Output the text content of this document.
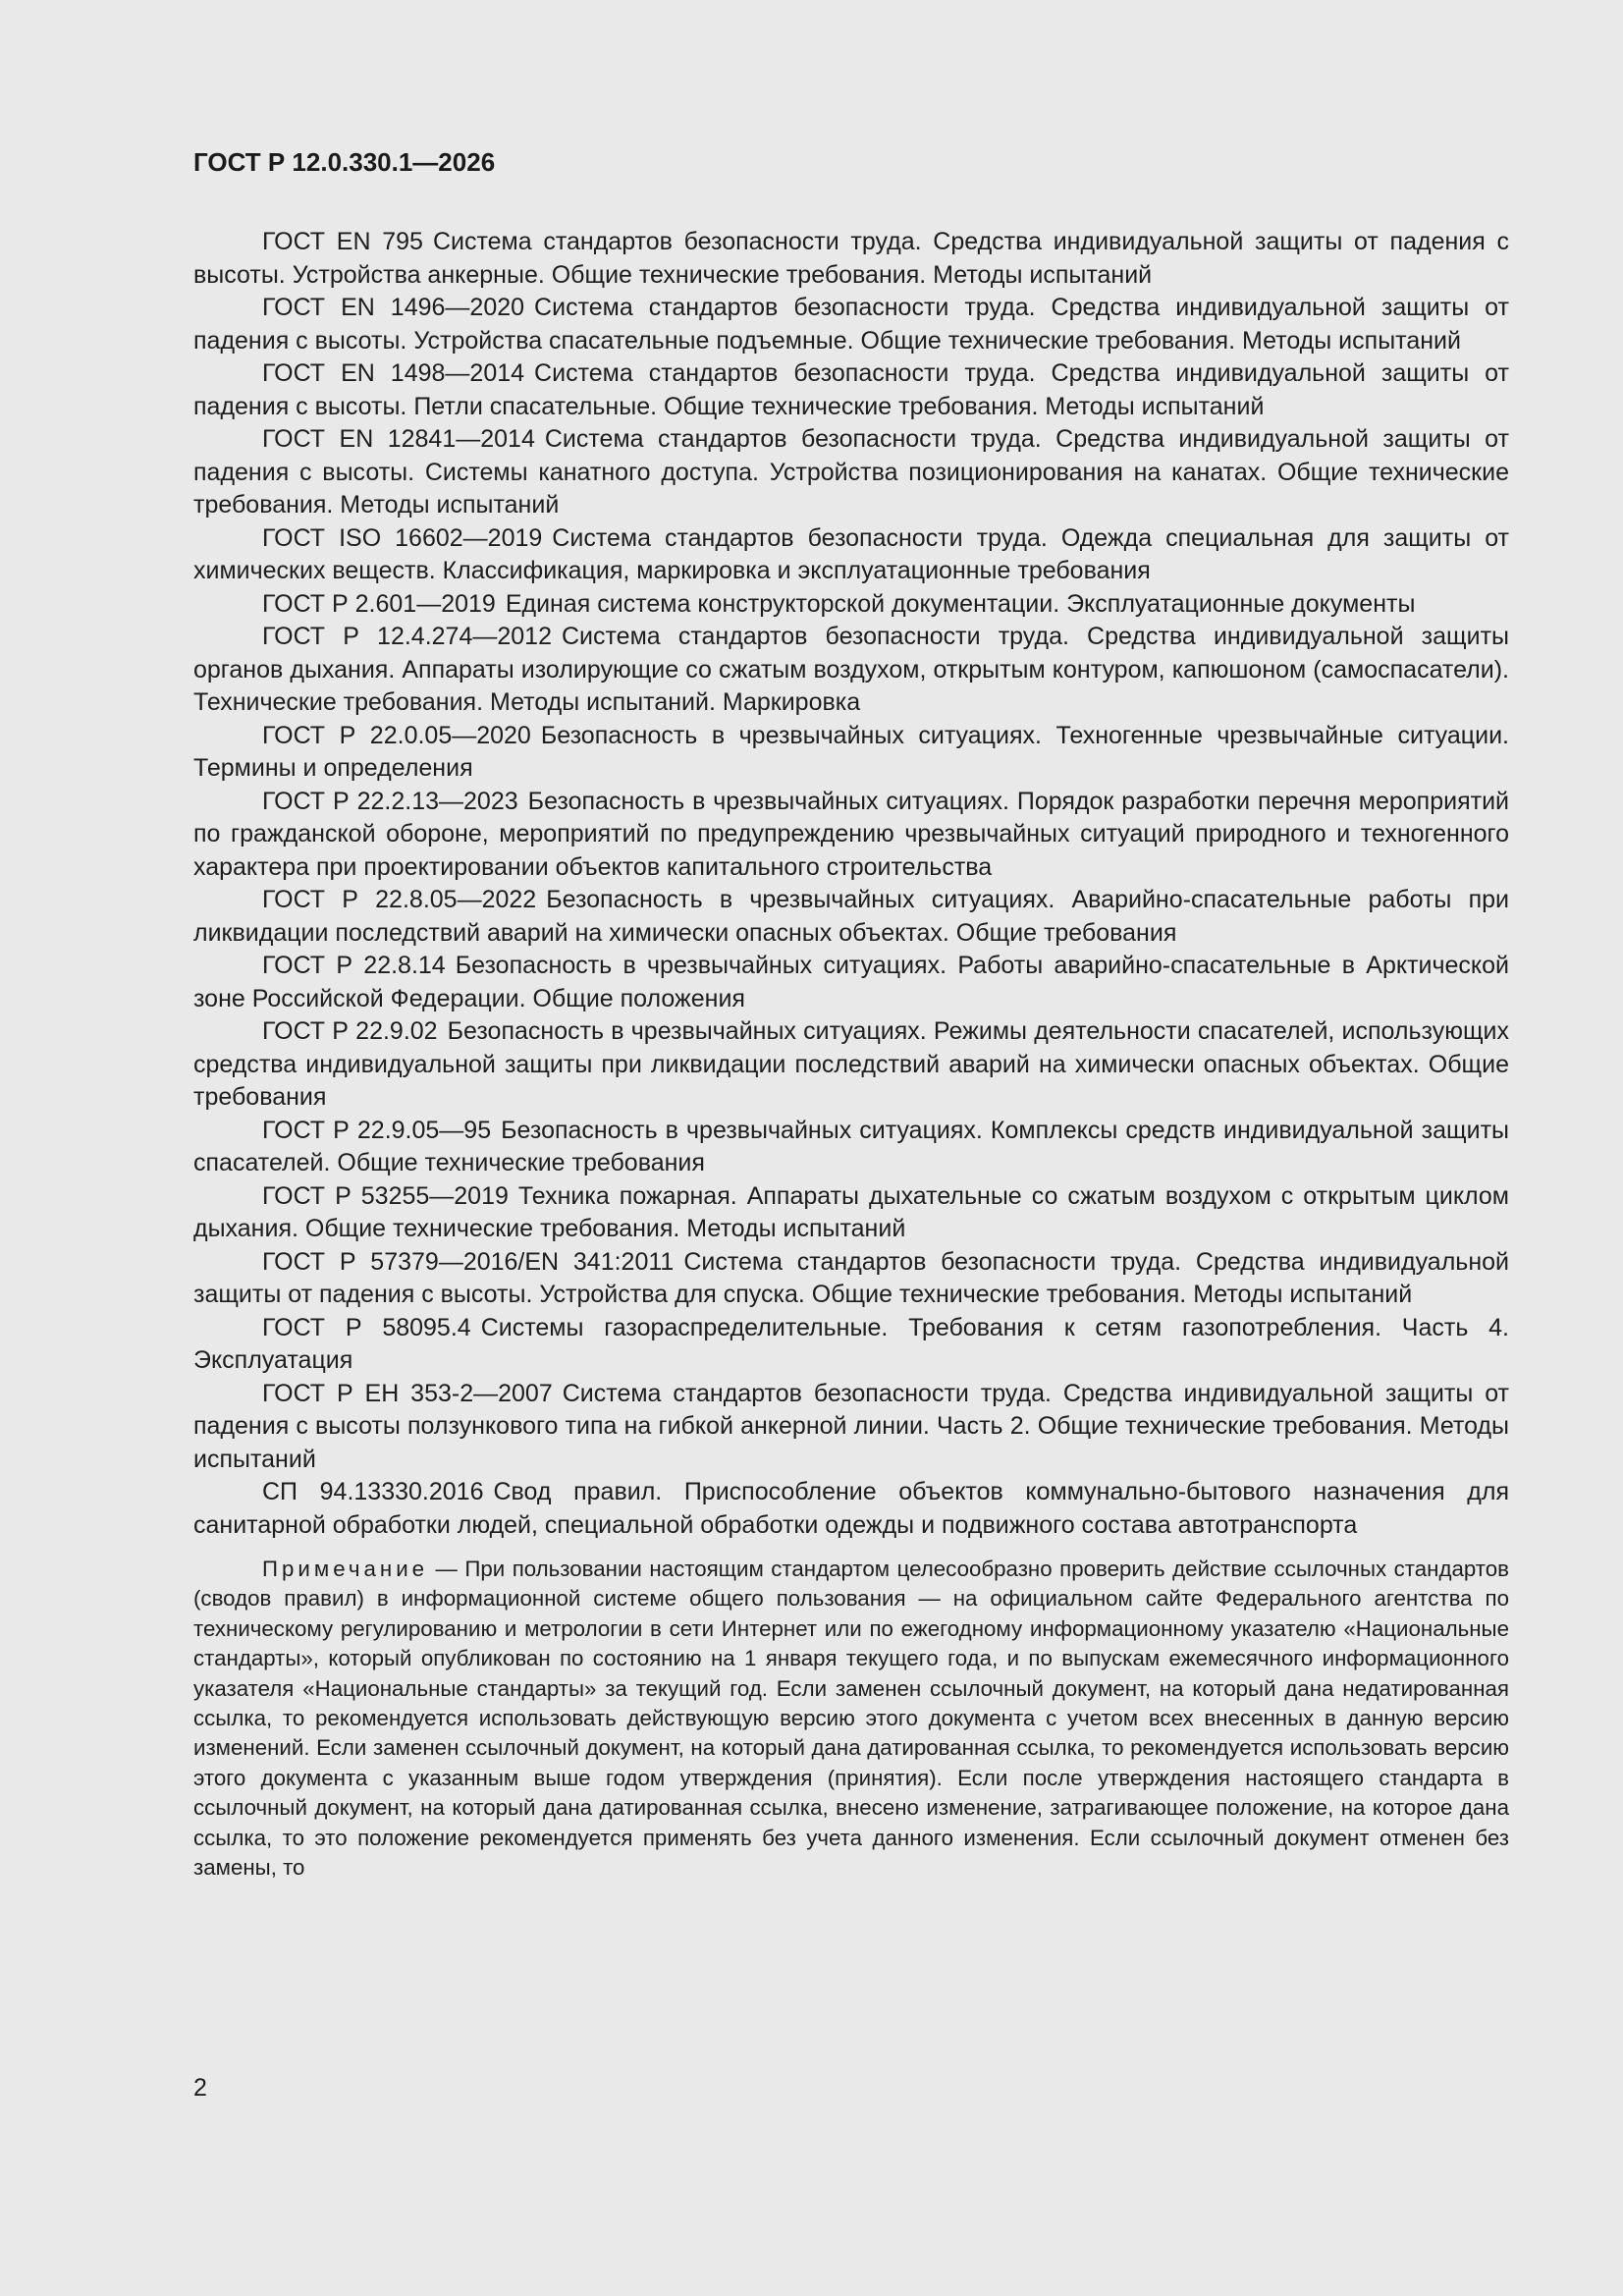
ГОСТ Р 12.0.330.1—2026

ГОСТ EN 795 Система стандартов безопасности труда. Средства индивидуальной защиты от падения с высоты. Устройства анкерные. Общие технические требования. Методы испытаний

ГОСТ EN 1496—2020 Система стандартов безопасности труда. Средства индивидуальной защиты от падения с высоты. Устройства спасательные подъемные. Общие технические требования. Методы испытаний

ГОСТ EN 1498—2014 Система стандартов безопасности труда. Средства индивидуальной защиты от падения с высоты. Петли спасательные. Общие технические требования. Методы испытаний

ГОСТ EN 12841—2014 Система стандартов безопасности труда. Средства индивидуальной защиты от падения с высоты. Системы канатного доступа. Устройства позиционирования на канатах. Общие технические требования. Методы испытаний

ГОСТ ISO 16602—2019 Система стандартов безопасности труда. Одежда специальная для защиты от химических веществ. Классификация, маркировка и эксплуатационные требования

ГОСТ Р 2.601—2019 Единая система конструкторской документации. Эксплуатационные документы

ГОСТ Р 12.4.274—2012 Система стандартов безопасности труда. Средства индивидуальной защиты органов дыхания. Аппараты изолирующие со сжатым воздухом, открытым контуром, капюшоном (самоспасатели). Технические требования. Методы испытаний. Маркировка

ГОСТ Р 22.0.05—2020 Безопасность в чрезвычайных ситуациях. Техногенные чрезвычайные ситуации. Термины и определения

ГОСТ Р 22.2.13—2023 Безопасность в чрезвычайных ситуациях. Порядок разработки перечня мероприятий по гражданской обороне, мероприятий по предупреждению чрезвычайных ситуаций природного и техногенного характера при проектировании объектов капитального строительства

ГОСТ Р 22.8.05—2022 Безопасность в чрезвычайных ситуациях. Аварийно-спасательные работы при ликвидации последствий аварий на химически опасных объектах. Общие требования

ГОСТ Р 22.8.14 Безопасность в чрезвычайных ситуациях. Работы аварийно-спасательные в Арктической зоне Российской Федерации. Общие положения

ГОСТ Р 22.9.02 Безопасность в чрезвычайных ситуациях. Режимы деятельности спасателей, использующих средства индивидуальной защиты при ликвидации последствий аварий на химически опасных объектах. Общие требования

ГОСТ Р 22.9.05—95 Безопасность в чрезвычайных ситуациях. Комплексы средств индивидуальной защиты спасателей. Общие технические требования

ГОСТ Р 53255—2019 Техника пожарная. Аппараты дыхательные со сжатым воздухом с открытым циклом дыхания. Общие технические требования. Методы испытаний

ГОСТ Р 57379—2016/EN 341:2011 Система стандартов безопасности труда. Средства индивидуальной защиты от падения с высоты. Устройства для спуска. Общие технические требования. Методы испытаний

ГОСТ Р 58095.4 Системы газораспределительные. Требования к сетям газопотребления. Часть 4. Эксплуатация

ГОСТ Р ЕН 353-2—2007 Система стандартов безопасности труда. Средства индивидуальной защиты от падения с высоты ползункового типа на гибкой анкерной линии. Часть 2. Общие технические требования. Методы испытаний

СП 94.13330.2016 Свод правил. Приспособление объектов коммунально-бытового назначения для санитарной обработки людей, специальной обработки одежды и подвижного состава автотранспорта

Примечание — При пользовании настоящим стандартом целесообразно проверить действие ссылочных стандартов (сводов правил) в информационной системе общего пользования — на официальном сайте Федерального агентства по техническому регулированию и метрологии в сети Интернет или по ежегодному информационному указателю «Национальные стандарты», который опубликован по состоянию на 1 января текущего года, и по выпускам ежемесячного информационного указателя «Национальные стандарты» за текущий год. Если заменен ссылочный документ, на который дана недатированная ссылка, то рекомендуется использовать действующую версию этого документа с учетом всех внесенных в данную версию изменений. Если заменен ссылочный документ, на который дана датированная ссылка, то рекомендуется использовать версию этого документа с указанным выше годом утверждения (принятия). Если после утверждения настоящего стандарта в ссылочный документ, на который дана датированная ссылка, внесено изменение, затрагивающее положение, на которое дана ссылка, то это положение рекомендуется применять без учета данного изменения. Если ссылочный документ отменен без замены, то

2
